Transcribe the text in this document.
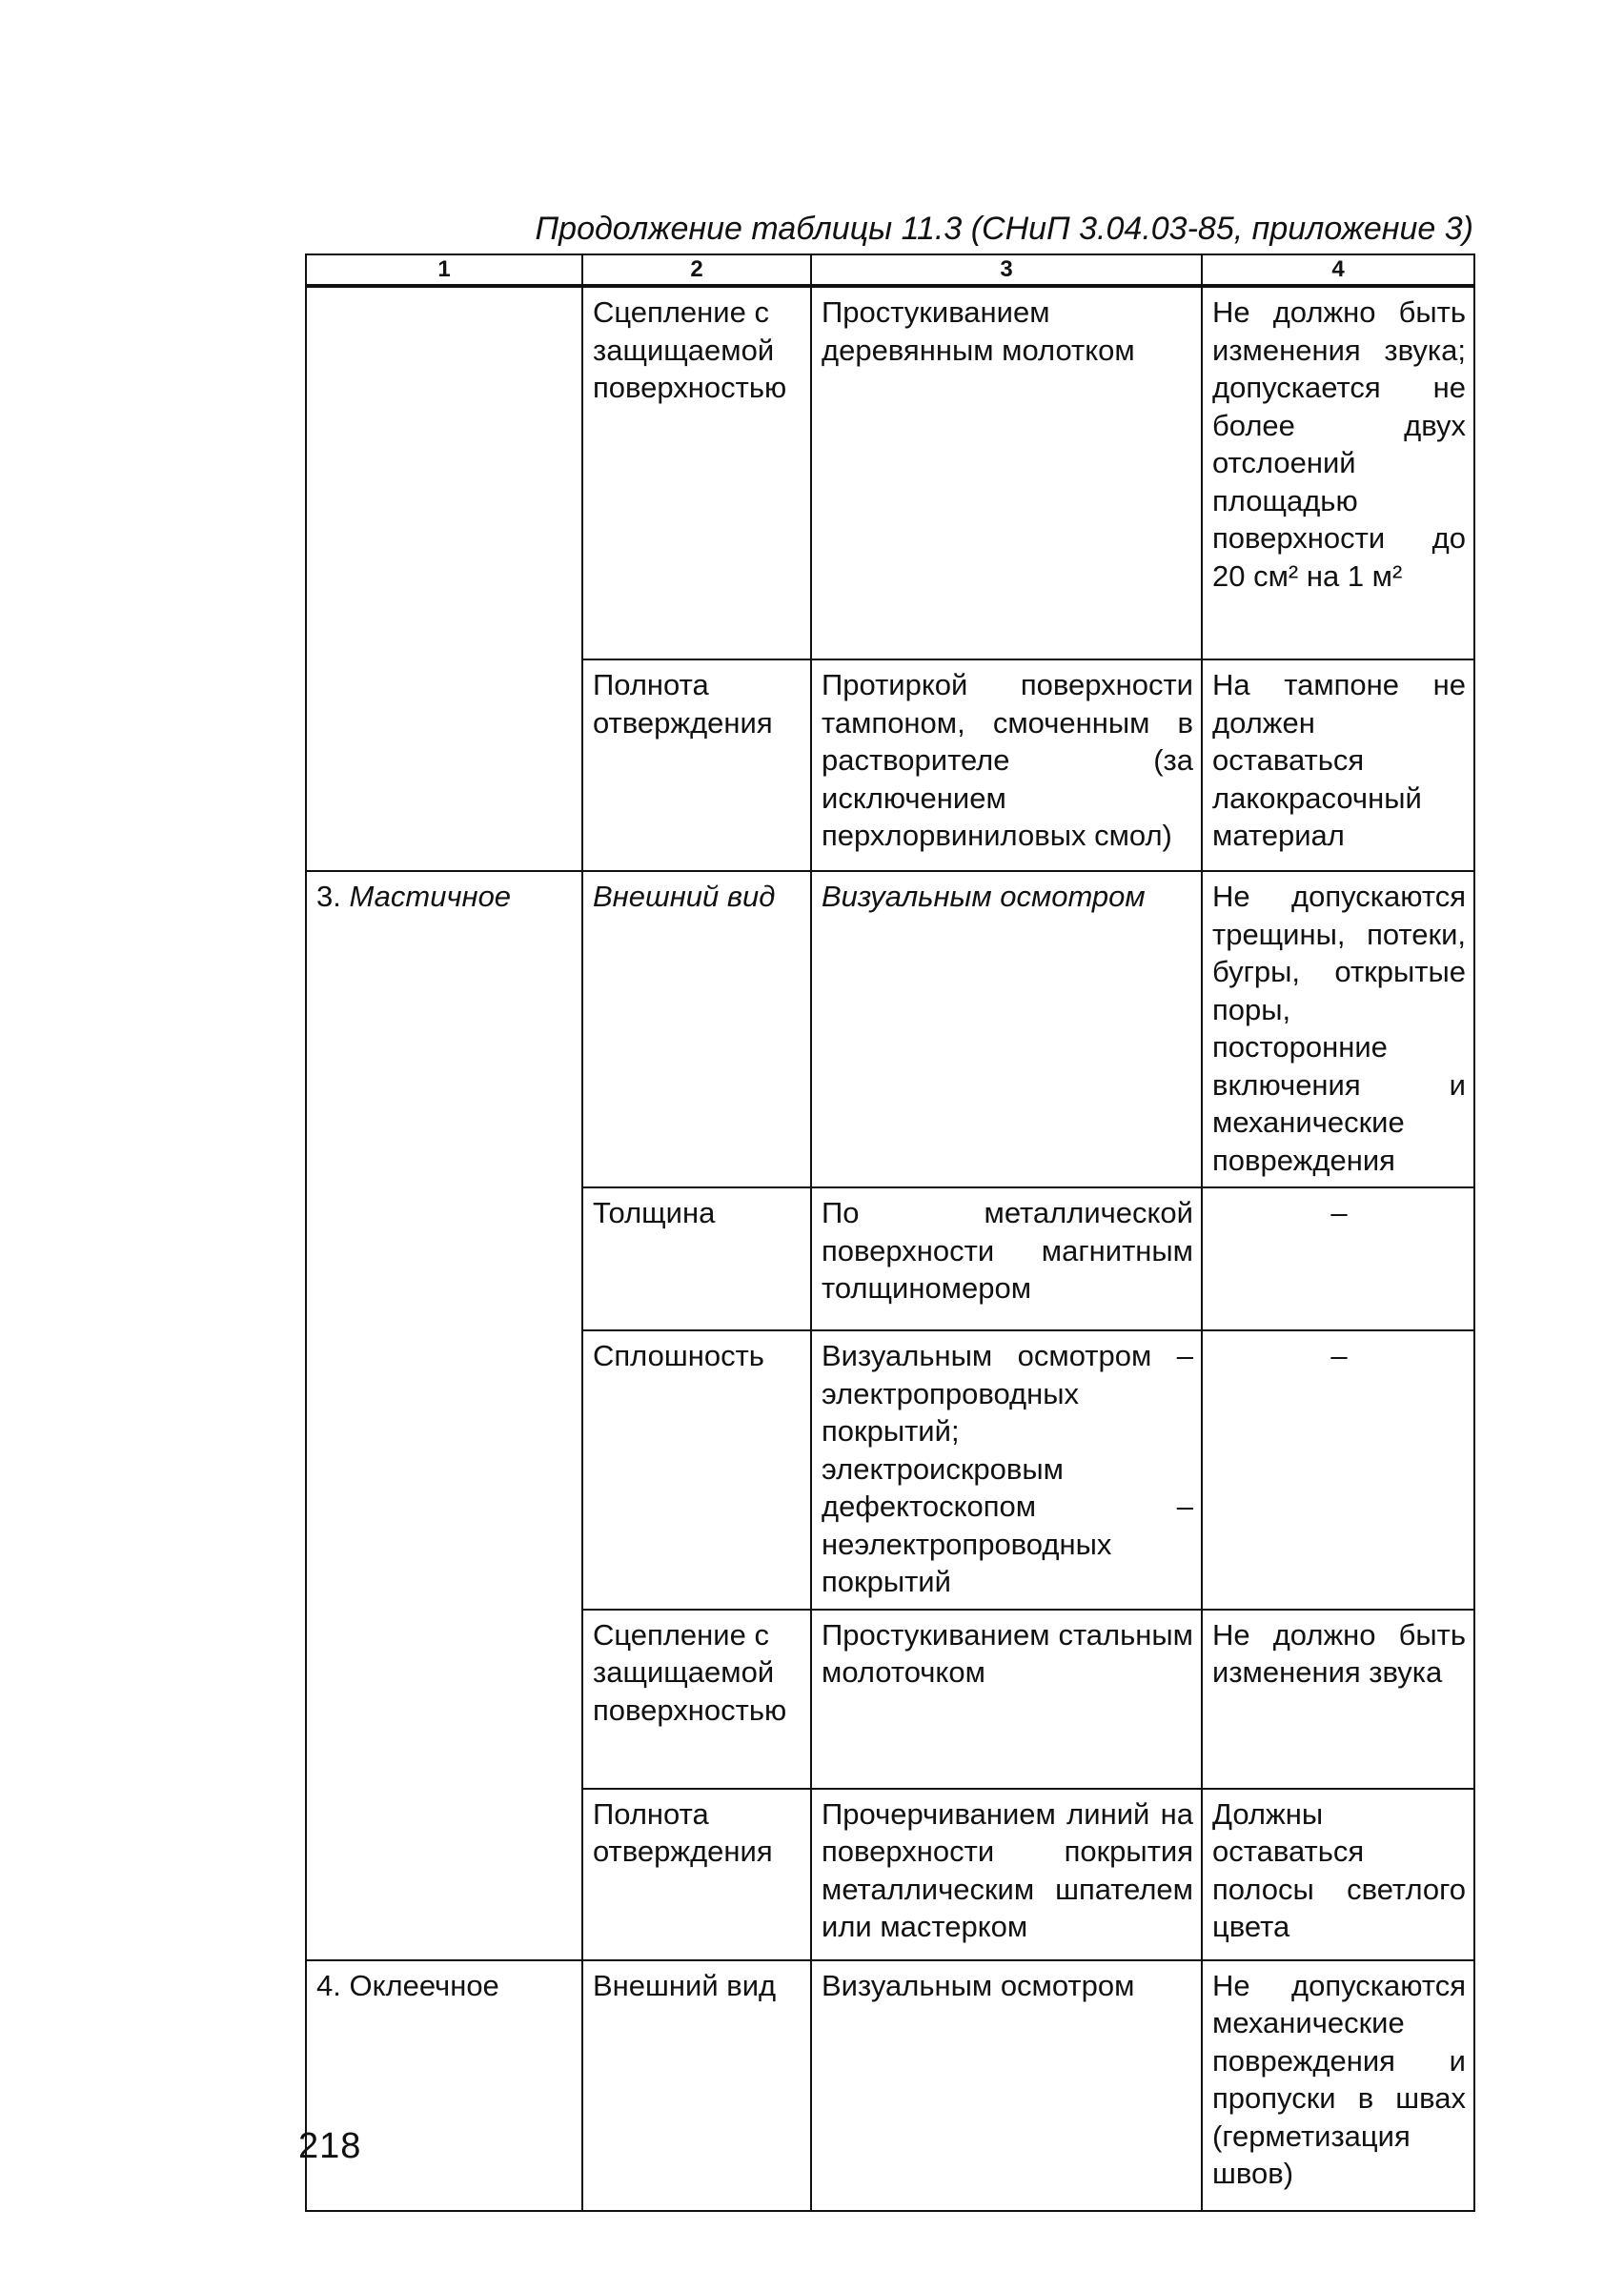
Продолжение таблицы 11.3 (СНиП 3.04.03-85, приложение 3)
1	2	3	4
	Сцепление с защищаемой поверхностью	Простукиванием деревянным молотком	Не должно быть изменения звука; допускается не более двух отслоений площадью поверхности до 20 см² на 1 м²
	Полнота отверждения	Протиркой поверхности тампоном, смоченным в растворителе (за исключением перхлорвиниловых смол)	На тампоне не должен оставаться лакокрасочный материал
3. Мастичное	Внешний вид	Визуальным осмотром	Не допускаются трещины, потеки, бугры, открытые поры, посторонние включения и механические повреждения
	Толщина	По металлической поверхности магнитным толщиномером	–
	Сплошность	Визуальным осмотром – электропроводных покрытий; электроискровым дефектоскопом – неэлектропроводных покрытий	–
	Сцепление с защищаемой поверхностью	Простукиванием стальным молоточком	Не должно быть изменения звука
	Полнота отверждения	Прочерчиванием линий на поверхности покрытия металлическим шпателем или мастерком	Должны оставаться полосы светлого цвета
4. Оклеечное	Внешний вид	Визуальным осмотром	Не допускаются механические повреждения и пропуски в швах (герметизация швов)
218
